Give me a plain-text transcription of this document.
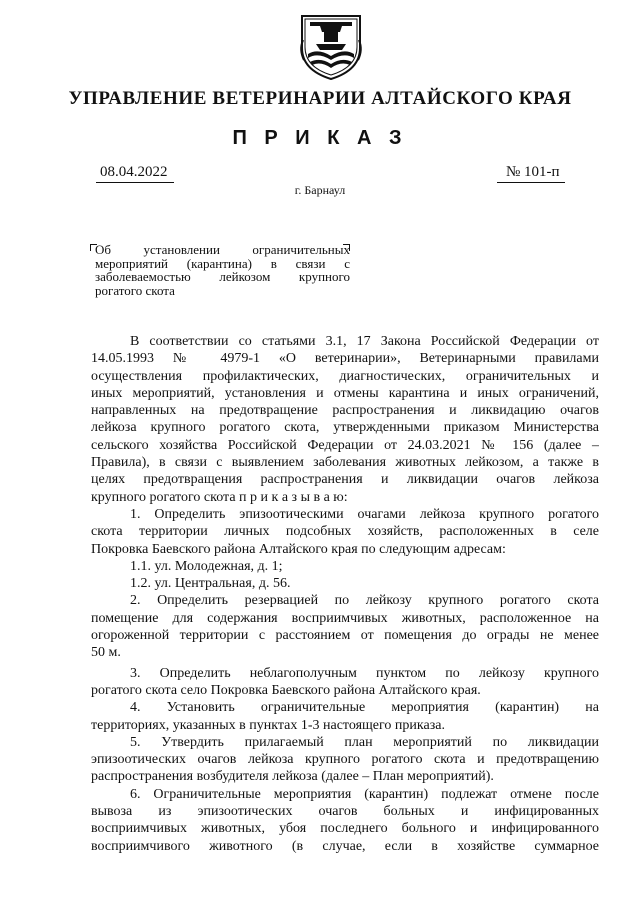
УПРАВЛЕНИЕ ВЕТЕРИНАРИИ АЛТАЙСКОГО КРАЯ
П Р И К А З
08.04.2022	№ 101-п
г. Барнаул
Об установлении ограничительных
мероприятий (карантина) в связи с
заболеваемостью лейкозом крупного
рогатого скота
В соответствии со статьями 3.1, 17 Закона Российской Федерации от
14.05.1993 № 4979-1 «О ветеринарии», Ветеринарными правилами
осуществления профилактических, диагностических, ограничительных и
иных мероприятий, установления и отмены карантина и иных ограничений,
направленных на предотвращение распространения и ликвидацию очагов
лейкоза крупного рогатого скота, утвержденными приказом Министерства
сельского хозяйства Российской Федерации от 24.03.2021 № 156 (далее –
Правила), в связи с выявлением заболевания животных лейкозом, а также в
целях предотвращения распространения и ликвидации очагов лейкоза
крупного рогатого скота п р и к а з ы в а ю:
1. Определить эпизоотическими очагами лейкоза крупного рогатого
скота территории личных подсобных хозяйств, расположенных в селе
Покровка Баевского района Алтайского края по следующим адресам:
1.1. ул. Молодежная, д. 1;
1.2. ул. Центральная, д. 56.
2. Определить резервацией по лейкозу крупного рогатого скота
помещение для содержания восприимчивых животных, расположенное на
огороженной территории с расстоянием от помещения до ограды не менее
50 м.
3. Определить неблагополучным пунктом по лейкозу крупного
рогатого скота село Покровка Баевского района Алтайского края.
4. Установить ограничительные мероприятия (карантин) на
территориях, указанных в пунктах 1-3 настоящего приказа.
5. Утвердить прилагаемый план мероприятий по ликвидации
эпизоотических очагов лейкоза крупного рогатого скота и предотвращению
распространения возбудителя лейкоза (далее – План мероприятий).
6. Ограничительные мероприятия (карантин) подлежат отмене после
вывоза из эпизоотических очагов больных и инфицированных
восприимчивых животных, убоя последнего больного и инфицированного
восприимчивого животного (в случае, если в хозяйстве суммарное
